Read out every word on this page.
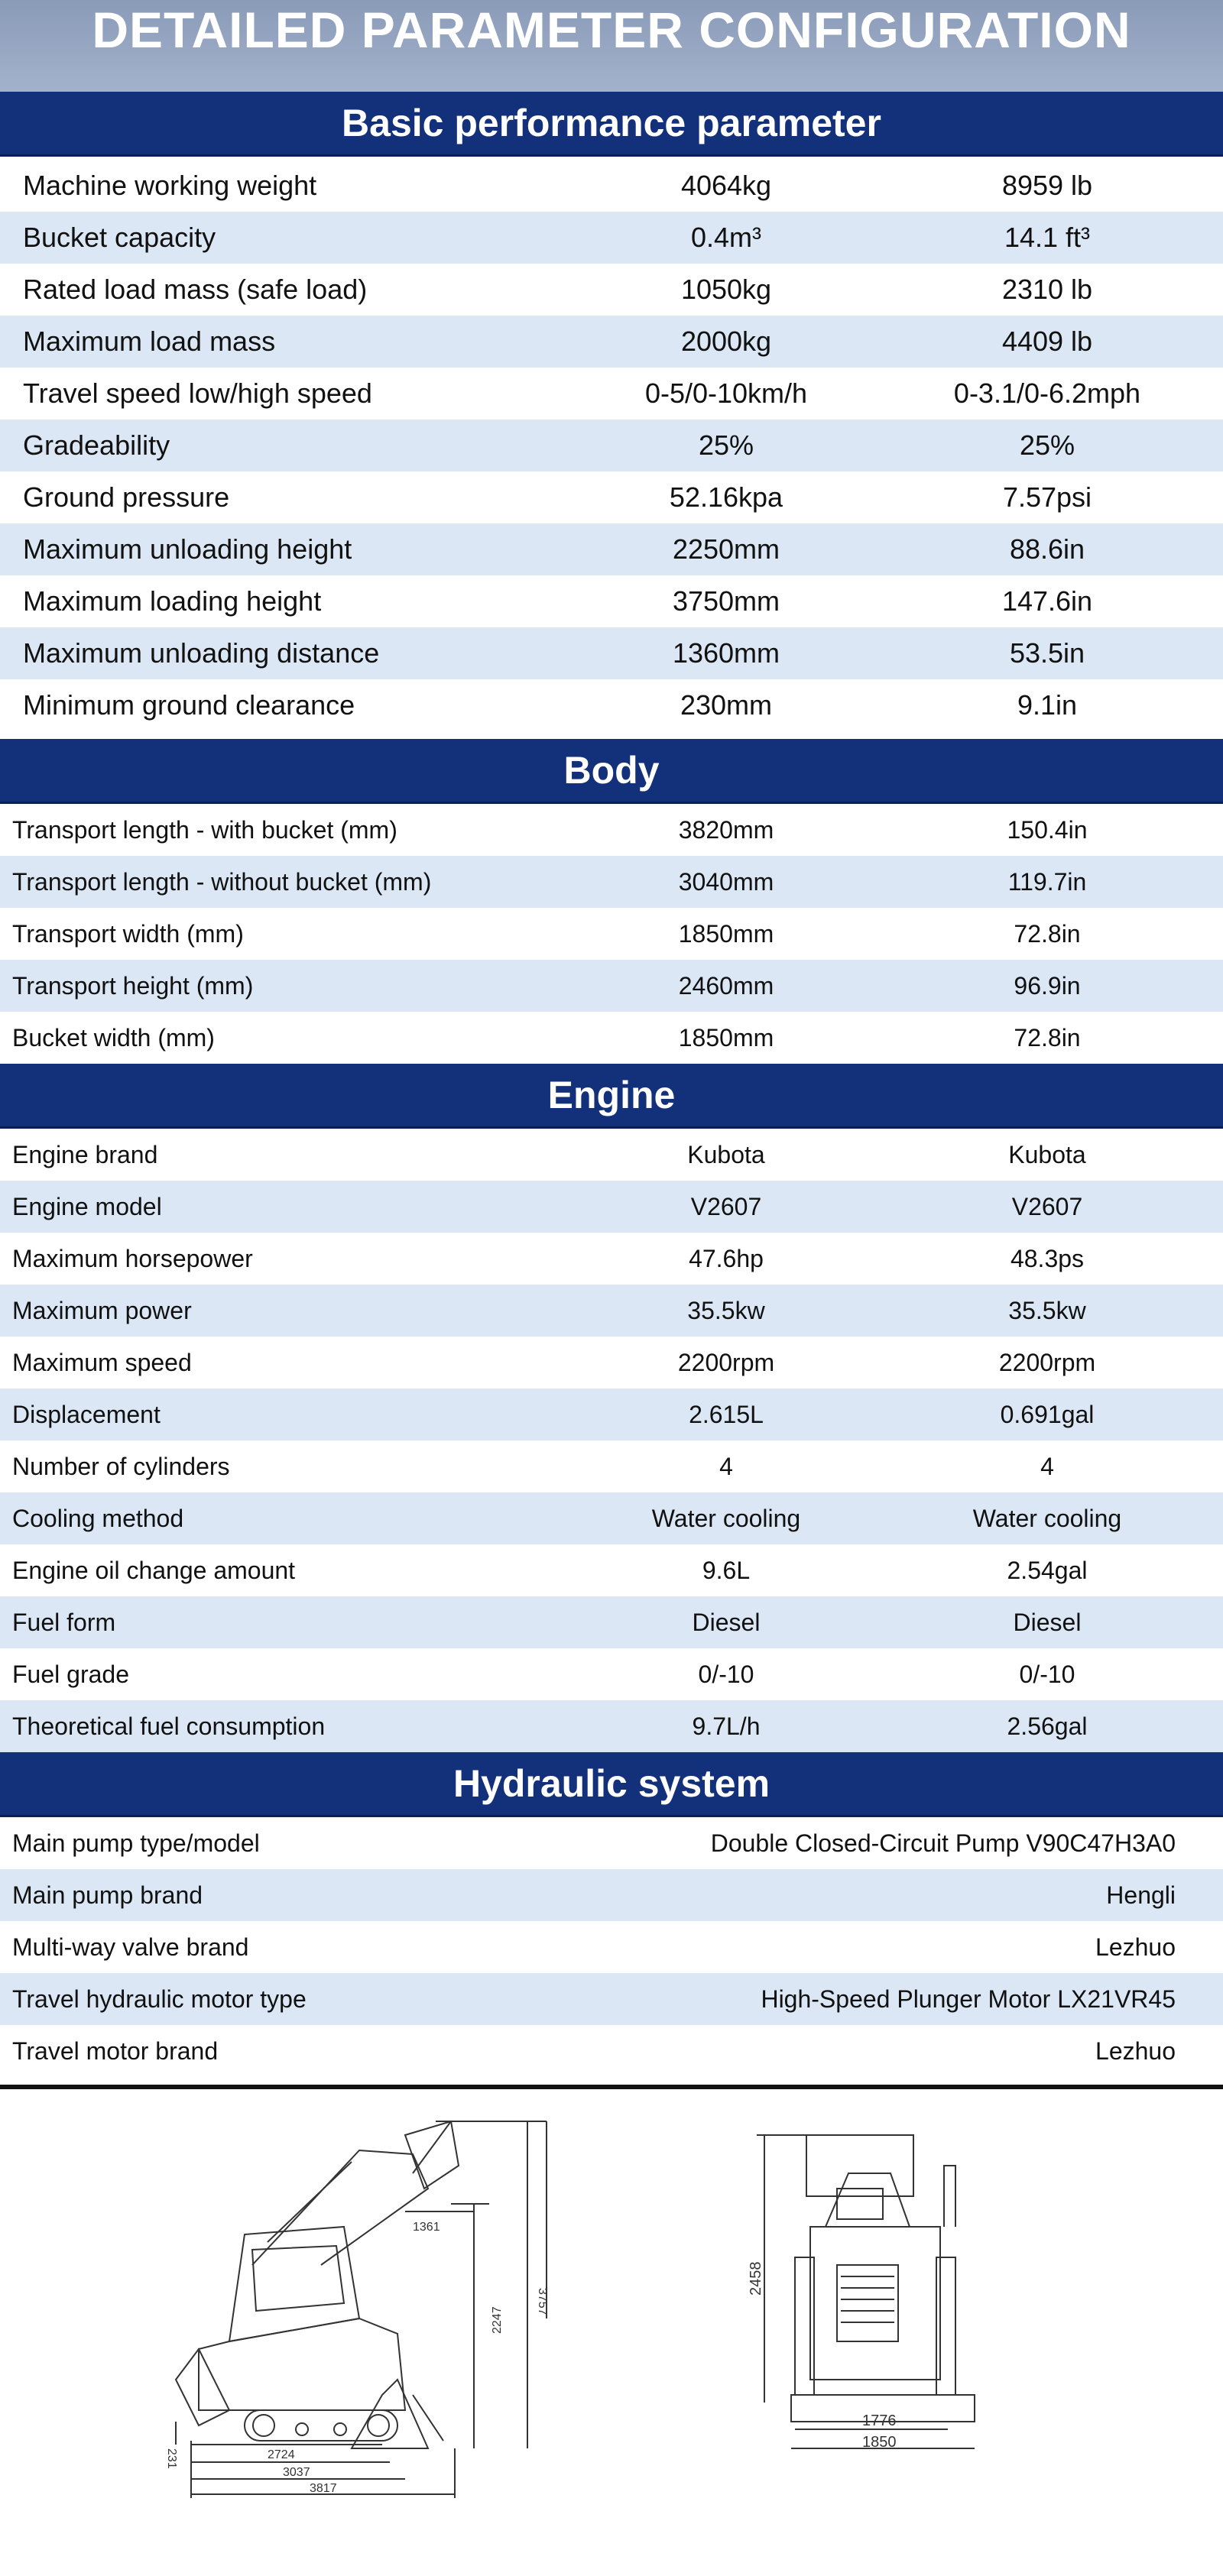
DETAILED PARAMETER CONFIGURATION
Basic performance parameter
Machine working weight	4064kg	8959 lb
Bucket capacity	0.4m³	14.1 ft³
Rated load mass (safe load)	1050kg	2310 lb
Maximum load mass	2000kg	4409 lb
Travel speed low/high speed	0-5/0-10km/h	0-3.1/0-6.2mph
Gradeability	25%	25%
Ground pressure	52.16kpa	7.57psi
Maximum unloading height	2250mm	88.6in
Maximum loading height	3750mm	147.6in
Maximum unloading distance	1360mm	53.5in
Minimum ground clearance	230mm	9.1in
Body
Transport length - with bucket (mm)	3820mm	150.4in
Transport length - without bucket (mm)	3040mm	119.7in
Transport width (mm)	1850mm	72.8in
Transport height (mm)	2460mm	96.9in
Bucket width (mm)	1850mm	72.8in
Engine
Engine brand	Kubota	Kubota
Engine model	V2607	V2607
Maximum horsepower	47.6hp	48.3ps
Maximum power	35.5kw	35.5kw
Maximum speed	2200rpm	2200rpm
Displacement	2.615L	0.691gal
Number of cylinders	4	4
Cooling method	Water cooling	Water cooling
Engine oil change amount	9.6L	2.54gal
Fuel form	Diesel	Diesel
Fuel grade	0/-10	0/-10
Theoretical fuel consumption	9.7L/h	2.56gal
Hydraulic system
Main pump type/model	Double Closed-Circuit Pump V90C47H3A0
Main pump brand	Hengli
Multi-way valve brand	Lezhuo
Travel hydraulic motor type	High-Speed Plunger Motor LX21VR45
Travel motor brand	Lezhuo
1361
3757
2247
231	2724
3037
3817
2458
1776
1850
